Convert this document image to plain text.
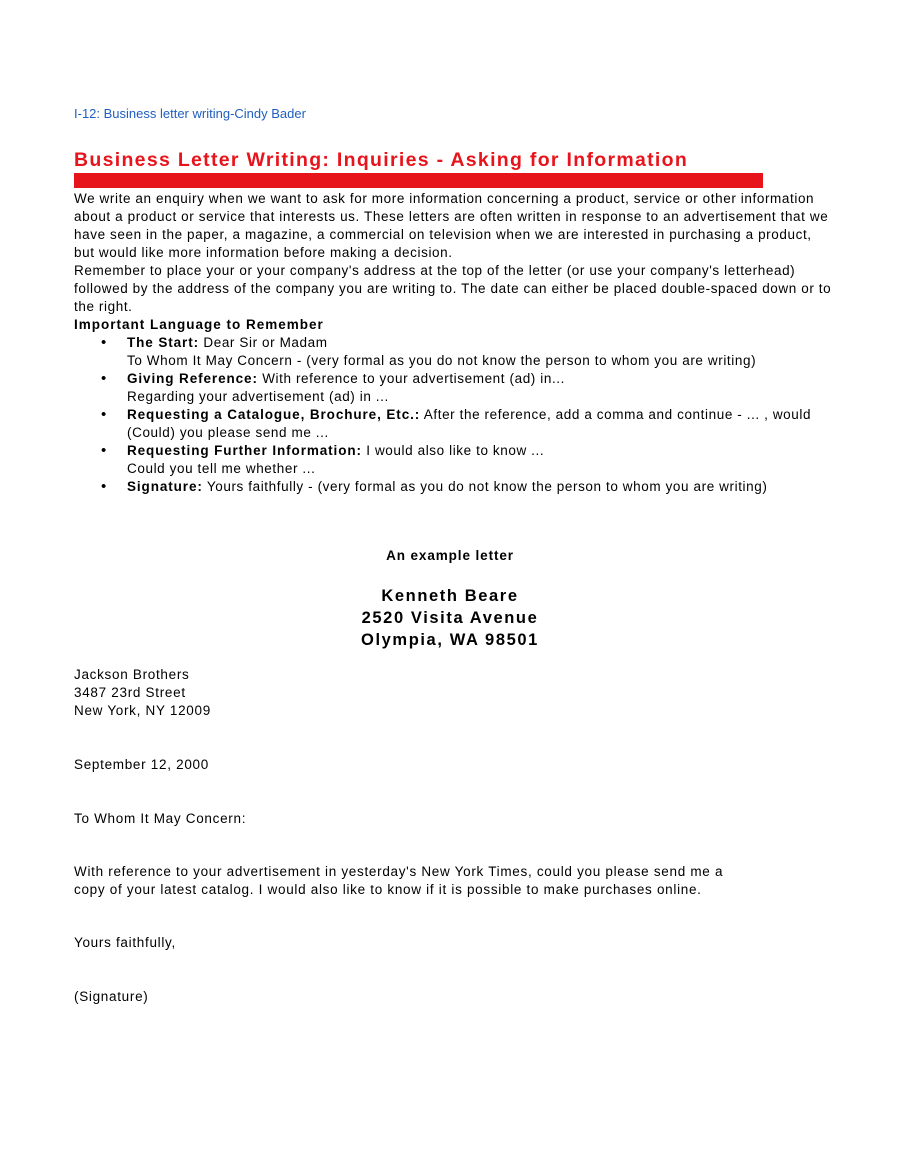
I-12: Business letter writing-Cindy Bader
Business Letter Writing: Inquiries - Asking for Information

We write an enquiry when we want to ask for more information concerning a product, service or other information about a product or service that interests us. These letters are often written in response to an advertisement that we have seen in the paper, a magazine, a commercial on television when we are interested in purchasing a product, but would like more information before making a decision.

Remember to place your or your company's address at the top of the letter (or use your company's letterhead) followed by the address of the company you are writing to. The date can either be placed double-spaced down or to the right.

Important Language to Remember
• The Start: Dear Sir or Madam
To Whom It May Concern - (very formal as you do not know the person to whom you are writing)
• Giving Reference: With reference to your advertisement (ad) in...
Regarding your advertisement (ad) in ...
• Requesting a Catalogue, Brochure, Etc.: After the reference, add a comma and continue - ... , would (Could) you please send me ...
• Requesting Further Information: I would also like to know ...
Could you tell me whether ...
• Signature: Yours faithfully - (very formal as you do not know the person to whom you are writing)
An example letter
Kenneth Beare
2520 Visita Avenue
Olympia, WA 98501
Jackson Brothers
3487 23rd Street
New York, NY 12009
September 12, 2000
To Whom It May Concern:
With reference to your advertisement in yesterday's New York Times, could you please send me a
copy of your latest catalog. I would also like to know if it is possible to make purchases online.
Yours faithfully,
(Signature)
